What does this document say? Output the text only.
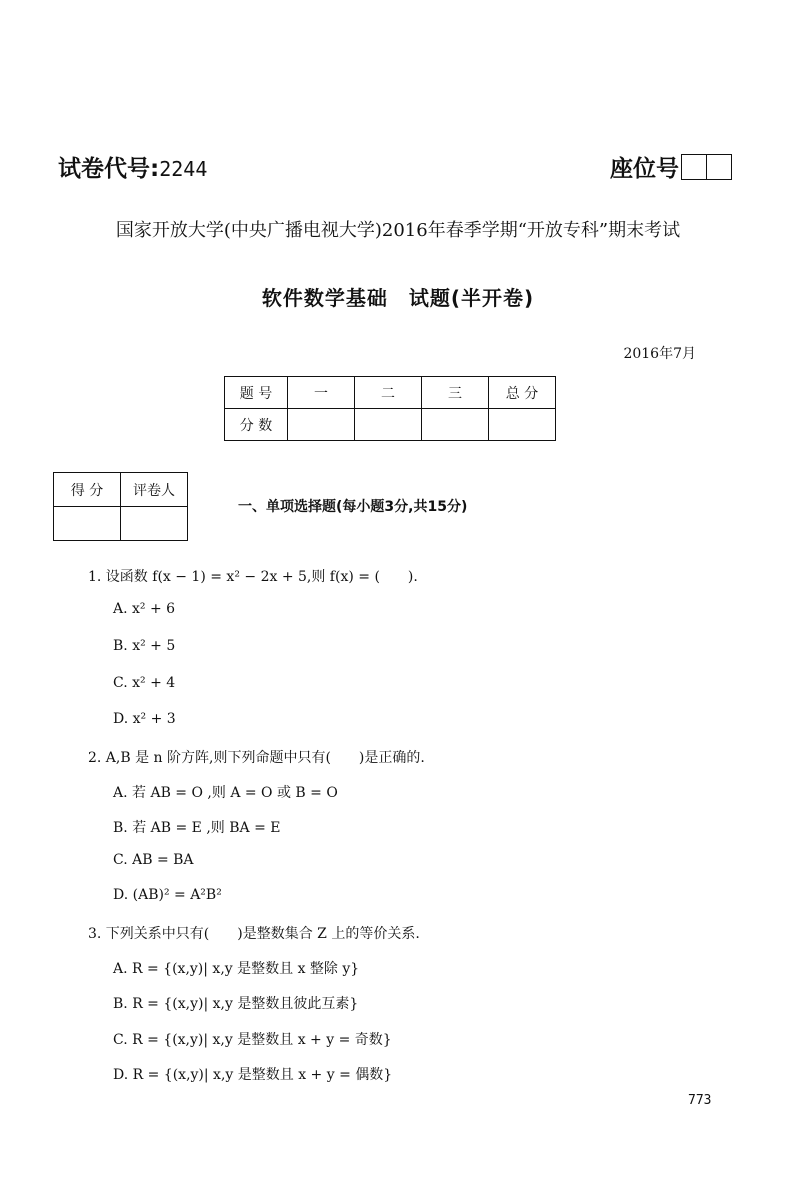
试卷代号:2244	座位号
国家开放大学(中央广播电视大学)2016年春季学期“开放专科”期末考试
软件数学基础　试题(半开卷)
2016年7月
题 号	一	二	三	总 分
分 数				
得 分	评卷人

一、单项选择题(每小题3分,共15分)
1. 设函数 f(x − 1) = x² − 2x + 5,则 f(x) = (　　).
A. x² + 6
B. x² + 5
C. x² + 4
D. x² + 3
2. A,B 是 n 阶方阵,则下列命题中只有(　　)是正确的.
A. 若 AB = O ,则 A = O 或 B = O
B. 若 AB = E ,则 BA = E
C. AB = BA
D. (AB)² = A²B²
3. 下列关系中只有(　　)是整数集合 Z 上的等价关系.
A. R = {(x,y)| x,y 是整数且 x 整除 y}
B. R = {(x,y)| x,y 是整数且彼此互素}
C. R = {(x,y)| x,y 是整数且 x + y = 奇数}
D. R = {(x,y)| x,y 是整数且 x + y = 偶数}
773
